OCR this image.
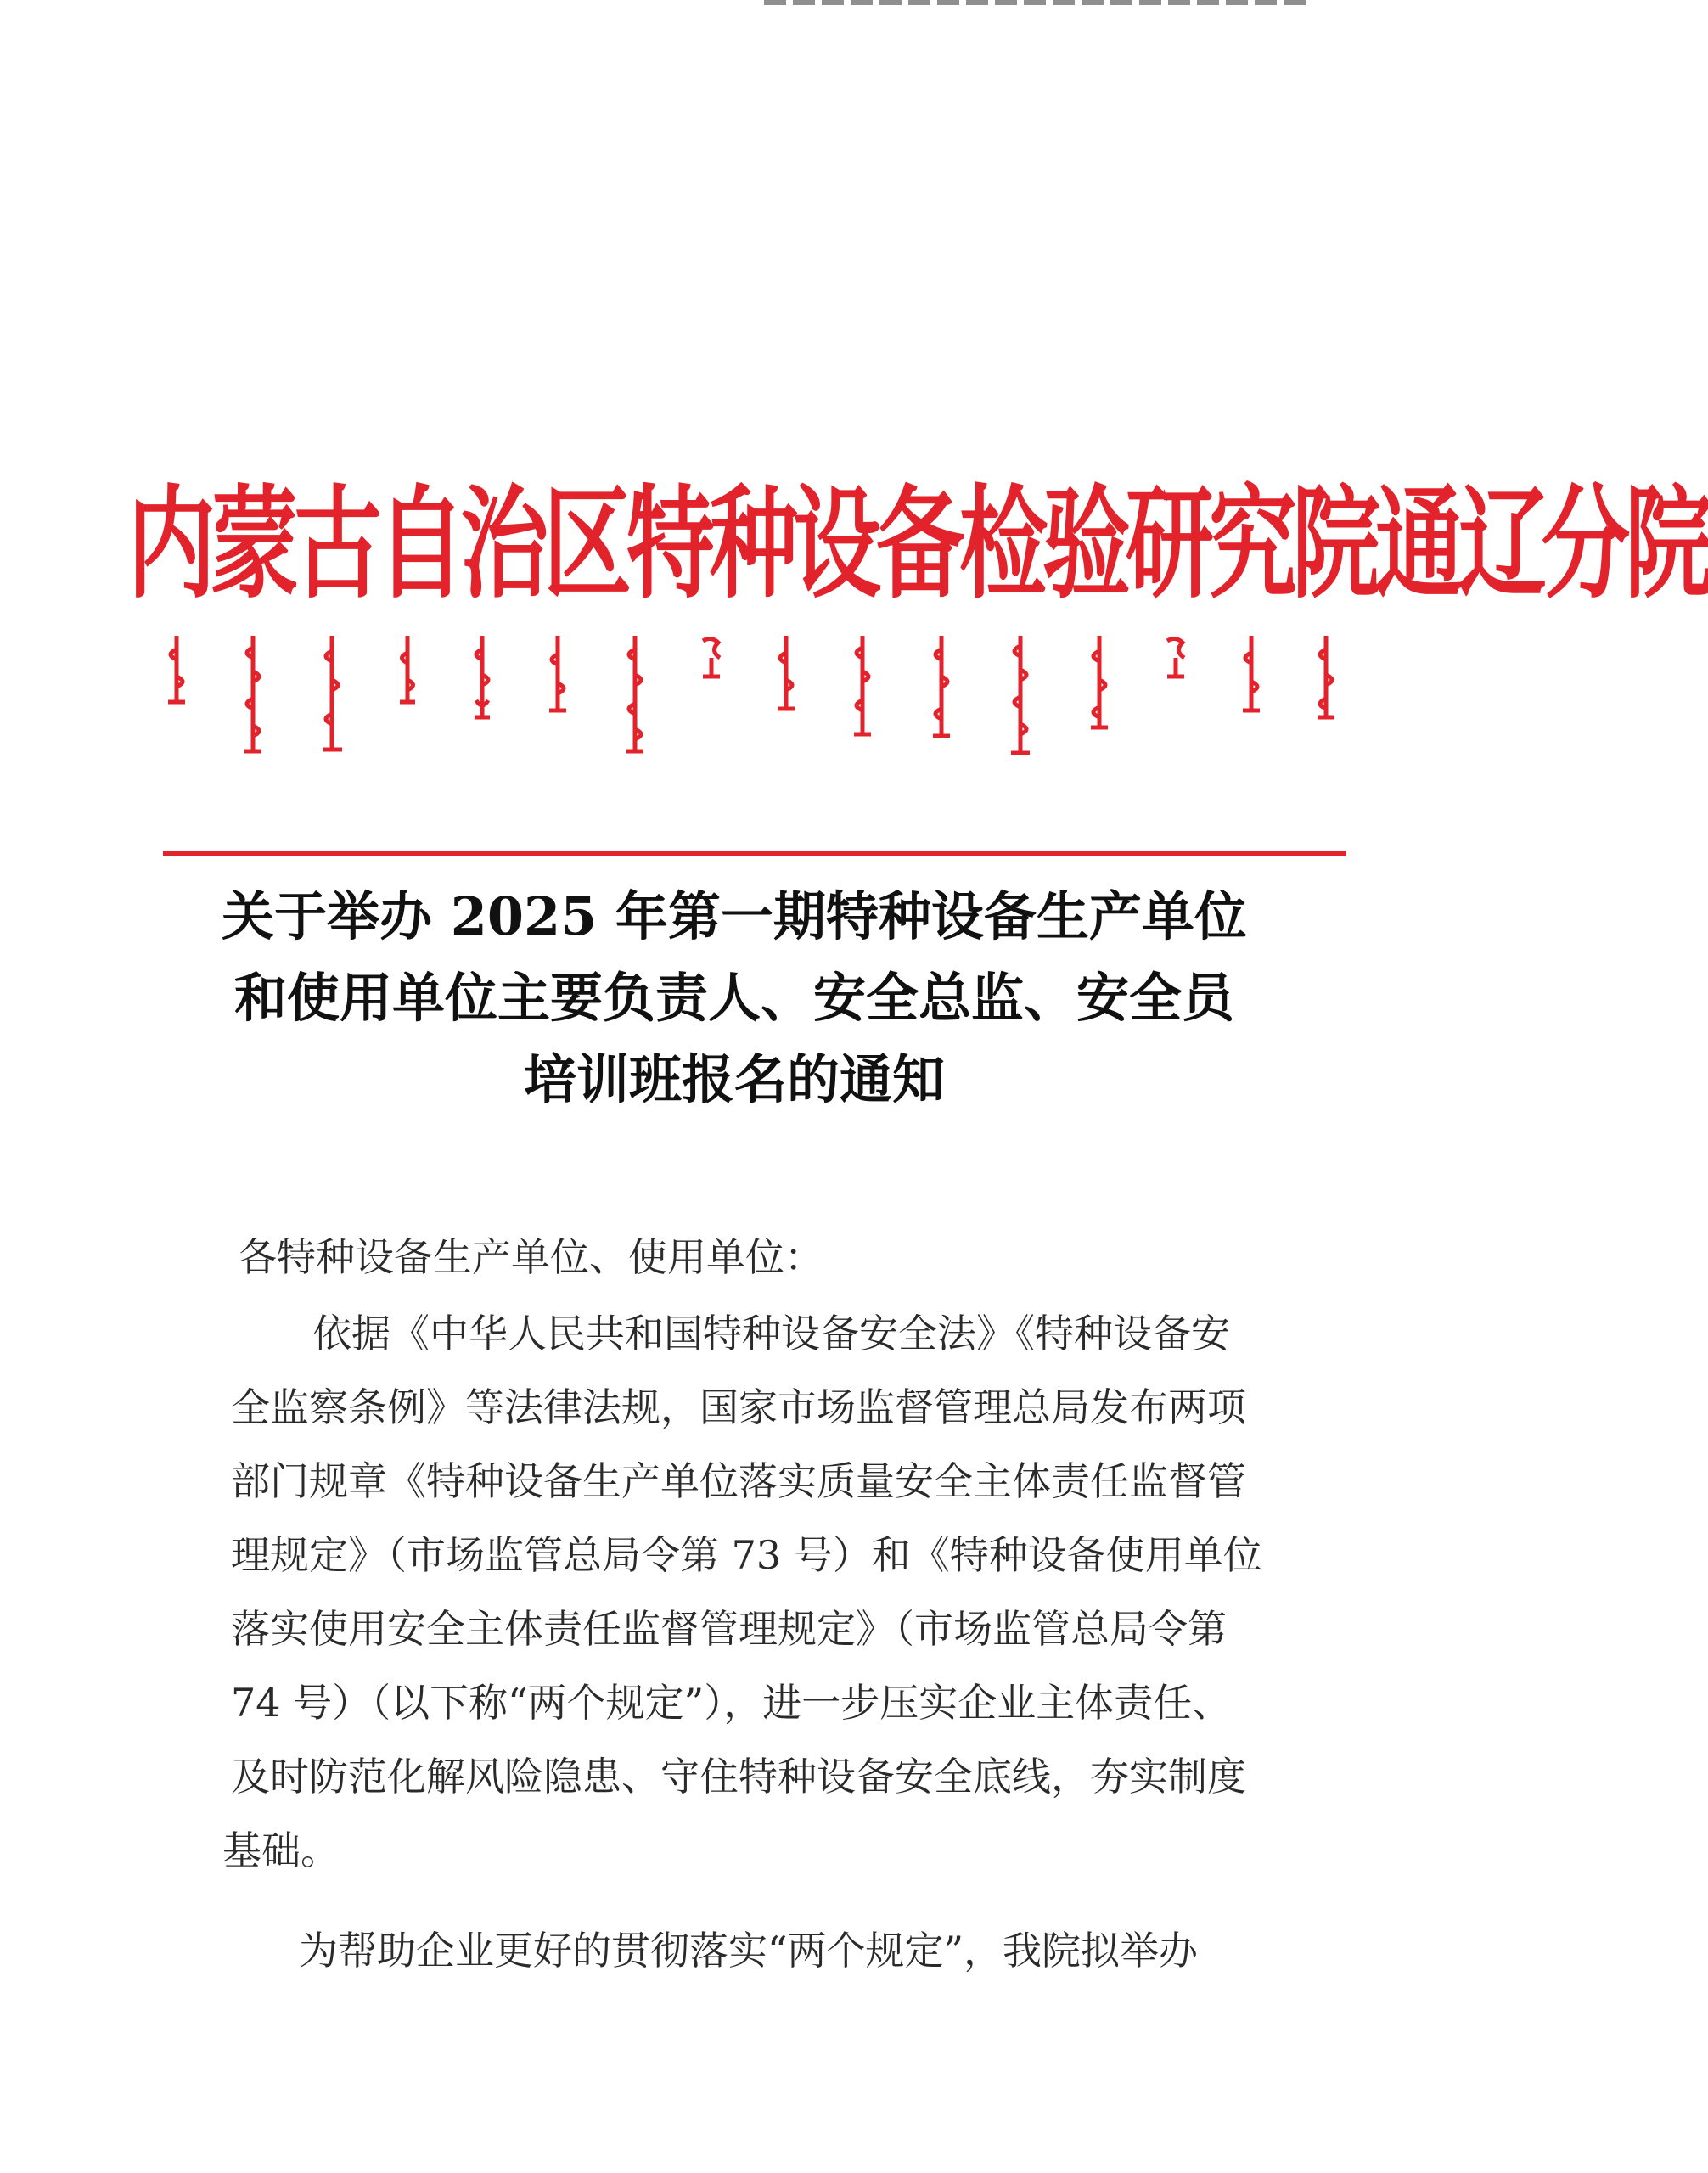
内蒙古自治区特种设备检验研究院通辽分院
关于举办 2025 年第一期特种设备生产单位
和使用单位主要负责人、安全总监、安全员
培训班报名的通知
各特种设备生产单位、使用单位：
依据《中华人民共和国特种设备安全法》《特种设备安
全监察条例》等法律法规，国家市场监督管理总局发布两项
部门规章《特种设备生产单位落实质量安全主体责任监督管
理规定》（市场监管总局令第 73 号）和《特种设备使用单位
落实使用安全主体责任监督管理规定》（市场监管总局令第
74 号）（以下称“两个规定”），进一步压实企业主体责任、
及时防范化解风险隐患、守住特种设备安全底线，夯实制度
基础。
为帮助企业更好的贯彻落实“两个规定”，我院拟举办
